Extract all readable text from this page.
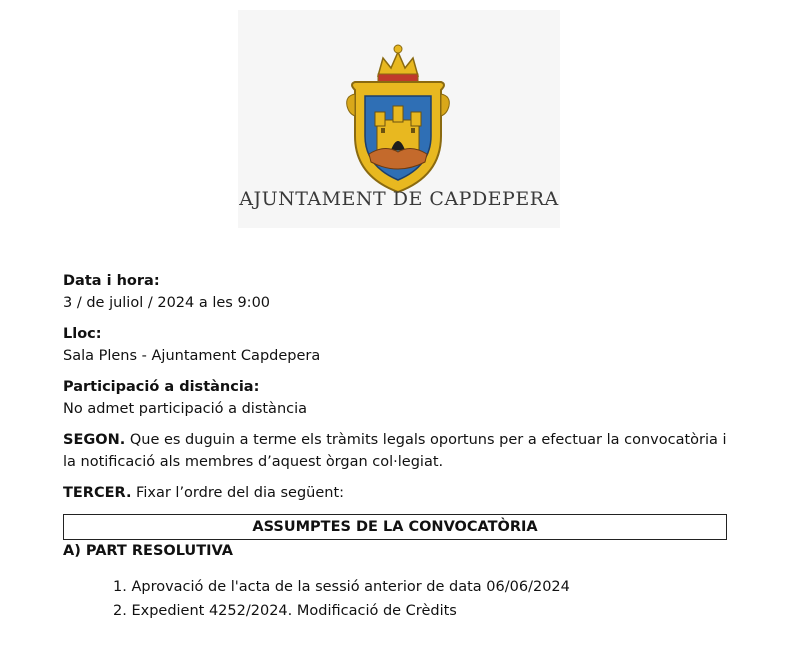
AJUNTAMENT DE CAPDEPERA
Data i hora:
3 / de juliol / 2024 a les 9:00
Lloc:
Sala Plens - Ajuntament Capdepera
Participació a distància:
No admet participació a distància

SEGON. Que es duguin a terme els tràmits legals oportuns per a efectuar la convocatòria i la notificació als membres d’aquest òrgan col·legiat.

TERCER. Fixar l’ordre del dia següent:

ASSUMPTES DE LA CONVOCATÒRIA
A) PART RESOLUTIVA
1. Aprovació de l'acta de la sessió anterior de data 06/06/2024
2. Expedient 4252/2024. Modificació de Crèdits
